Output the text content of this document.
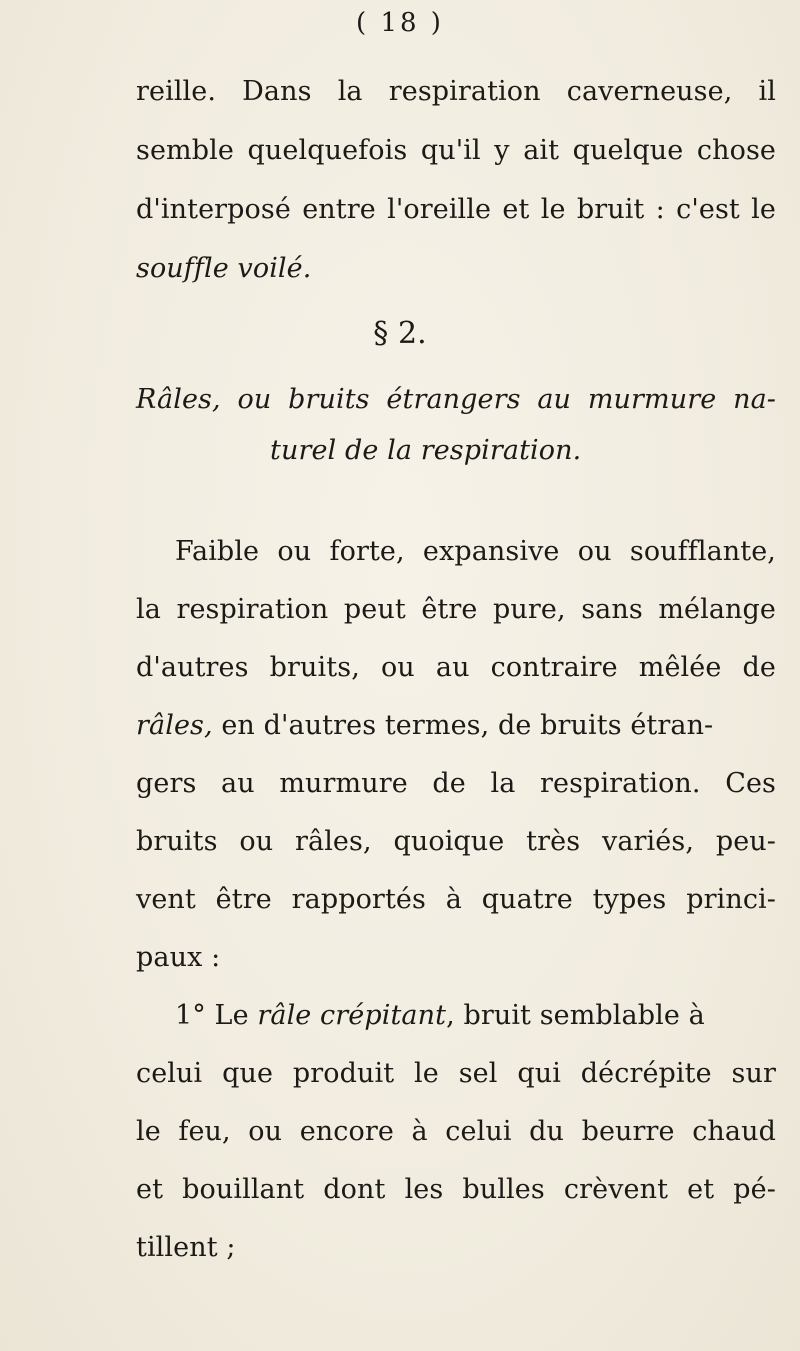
( 18 )
reille. Dans la respiration caverneuse, il
semble quelquefois qu'il y ait quelque chose
d'interposé entre l'oreille et le bruit : c'est le
souffle voilé.
§ 2.
Râles, ou bruits étrangers au murmure na-
turel de la respiration.
Faible ou forte, expansive ou soufflante,
la respiration peut être pure, sans mélange
d'autres bruits, ou au contraire mêlée de
râles, en d'autres termes, de bruits étran-
gers au murmure de la respiration. Ces
bruits ou râles, quoique très variés, peu-
vent être rapportés à quatre types princi-
paux :
1° Le râle crépitant, bruit semblable à
celui que produit le sel qui décrépite sur
le feu, ou encore à celui du beurre chaud
et bouillant dont les bulles crèvent et pé-
tillent ;
